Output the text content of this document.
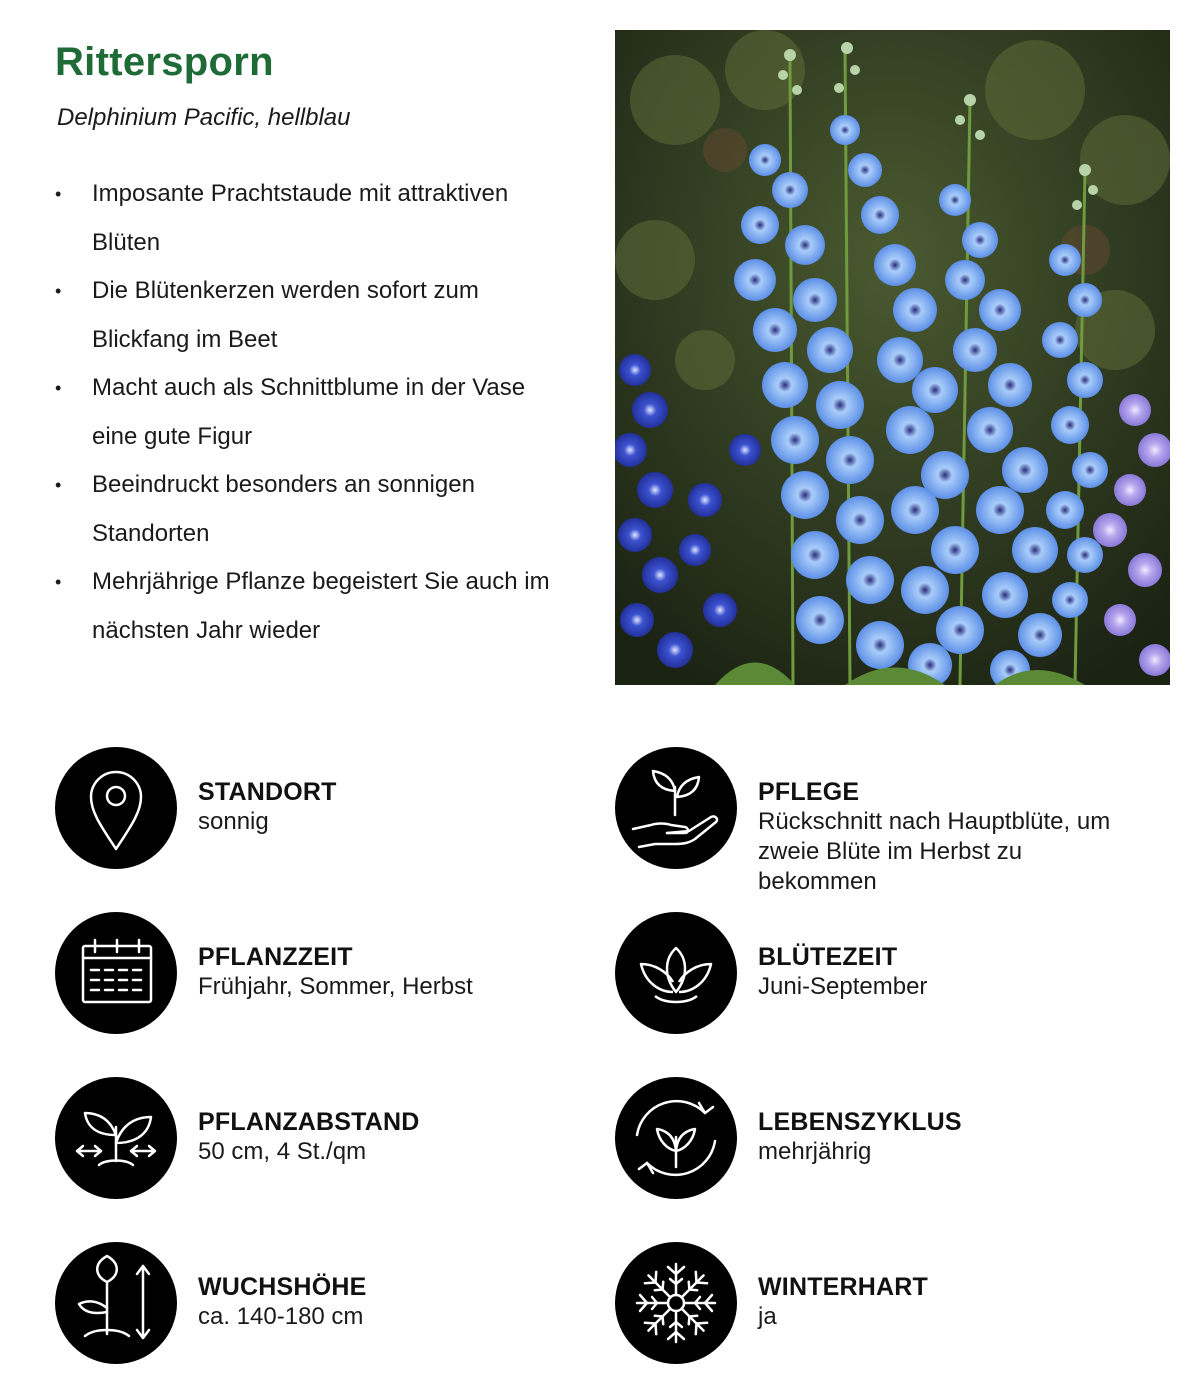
Rittersporn
Delphinium Pacific, hellblau
• Imposante Prachtstaude mit attraktiven Blüten
• Die Blütenkerzen werden sofort zum Blickfang im Beet
• Macht auch als Schnittblume in der Vase eine gute Figur
• Beeindruckt besonders an sonnigen Standorten
• Mehrjährige Pflanze begeistert Sie auch im nächsten Jahr wieder
STANDORT
sonnig
PFLEGE
Rückschnitt nach Hauptblüte, um zweie Blüte im Herbst zu bekommen
PFLANZZEIT
Frühjahr, Sommer, Herbst
BLÜTEZEIT
Juni-September
PFLANZABSTAND
50 cm, 4 St./qm
LEBENSZYKLUS
mehrjährig
WUCHSHÖHE
ca. 140-180 cm
WINTERHART
ja
